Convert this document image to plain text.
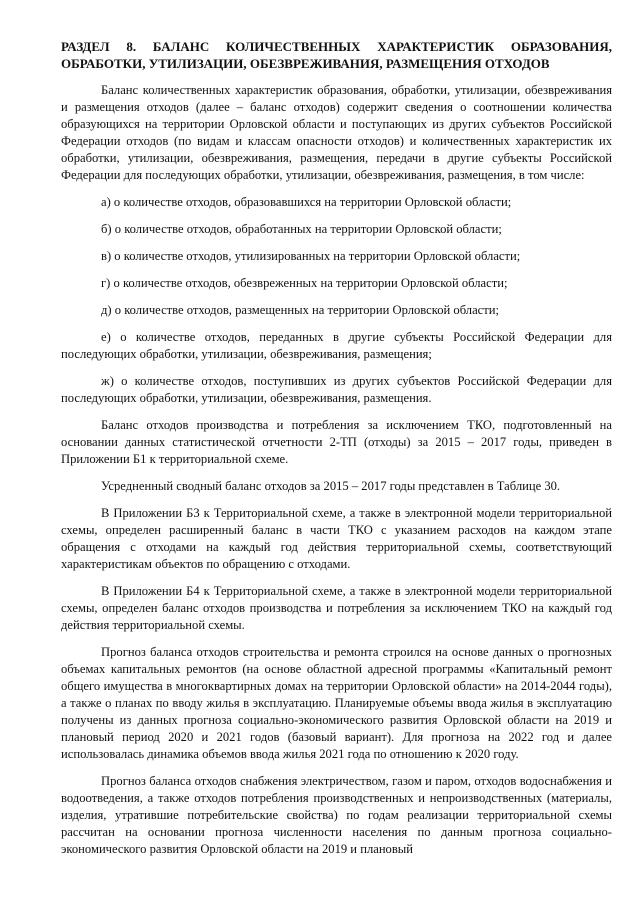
РАЗДЕЛ 8. БАЛАНС КОЛИЧЕСТВЕННЫХ ХАРАКТЕРИСТИК ОБРАЗОВАНИЯ, ОБРАБОТКИ, УТИЛИЗАЦИИ, ОБЕЗВРЕЖИВАНИЯ, РАЗМЕЩЕНИЯ ОТХОДОВ

Баланс количественных характеристик образования, обработки, утилизации, обезвреживания и размещения отходов (далее – баланс отходов) содержит сведения о соотношении количества образующихся на территории Орловской области и поступающих из других субъектов Российской Федерации отходов (по видам и классам опасности отходов) и количественных характеристик их обработки, утилизации, обезвреживания, размещения, передачи в другие субъекты Российской Федерации для последующих обработки, утилизации, обезвреживания, размещения, в том числе:

а) о количестве отходов, образовавшихся на территории Орловской области;

б) о количестве отходов, обработанных на территории Орловской области;

в) о количестве отходов, утилизированных на территории Орловской области;

г) о количестве отходов, обезвреженных на территории Орловской области;

д) о количестве отходов, размещенных на территории Орловской области;

е) о количестве отходов, переданных в другие субъекты Российской Федерации для последующих обработки, утилизации, обезвреживания, размещения;

ж) о количестве отходов, поступивших из других субъектов Российской Федерации для последующих обработки, утилизации, обезвреживания, размещения.

Баланс отходов производства и потребления за исключением ТКО, подготовленный на основании данных статистической отчетности 2-ТП (отходы) за 2015 – 2017 годы, приведен в Приложении Б1 к территориальной схеме.

Усредненный сводный баланс отходов за 2015 – 2017 годы представлен в Таблице 30.

В Приложении Б3 к Территориальной схеме, а также в электронной модели территориальной схемы, определен расширенный баланс в части ТКО с указанием расходов на каждом этапе обращения с отходами на каждый год действия территориальной схемы, соответствующий характеристикам объектов по обращению с отходами.

В Приложении Б4 к Территориальной схеме, а также в электронной модели территориальной схемы, определен баланс отходов производства и потребления за исключением ТКО на каждый год действия территориальной схемы.

Прогноз баланса отходов строительства и ремонта строился на основе данных о прогнозных объемах капитальных ремонтов (на основе областной адресной программы «Капитальный ремонт общего имущества в многоквартирных домах на территории Орловской области» на 2014-2044 годы), а также о планах по вводу жилья в эксплуатацию. Планируемые объемы ввода жилья в эксплуатацию получены из данных прогноза социально-экономического развития Орловской области на 2019 и плановый период 2020 и 2021 годов (базовый вариант). Для прогноза на 2022 год и далее использовалась динамика объемов ввода жилья 2021 года по отношению к 2020 году.

Прогноз баланса отходов снабжения электричеством, газом и паром, отходов водоснабжения и водоотведения, а также отходов потребления производственных и непроизводственных (материалы, изделия, утратившие потребительские свойства) по годам реализации территориальной схемы рассчитан на основании прогноза численности населения по данным прогноза социально-экономического развития Орловской области на 2019 и плановый
